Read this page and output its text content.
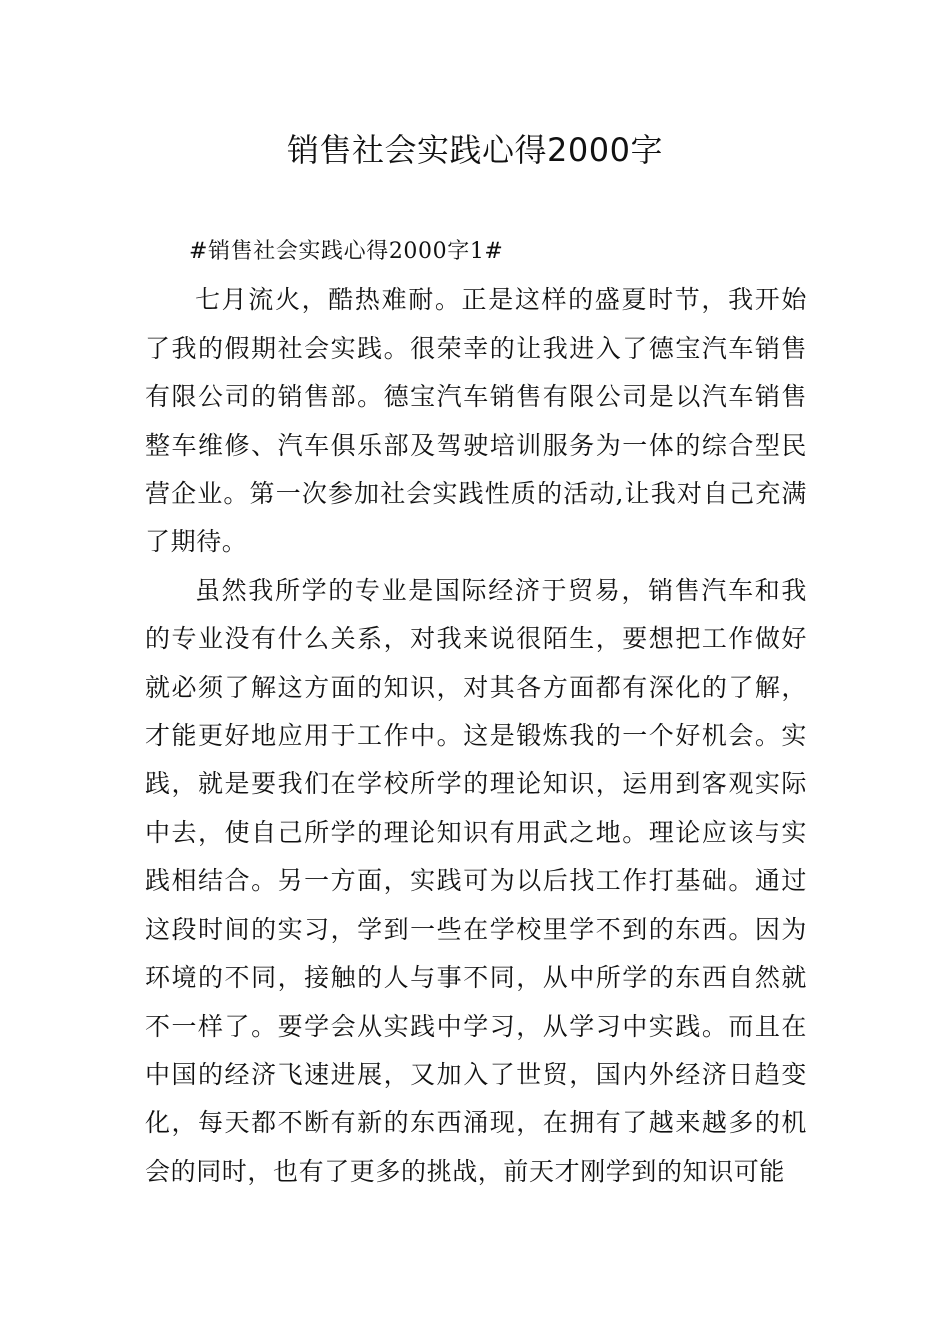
销售社会实践心得2000字

#销售社会实践心得2000字1#

七月流火，酷热难耐。正是这样的盛夏时节，我开始了我的假期社会实践。很荣幸的让我进入了德宝汽车销售有限公司的销售部。德宝汽车销售有限公司是以汽车销售整车维修、汽车俱乐部及驾驶培训服务为一体的综合型民营企业。第一次参加社会实践性质的活动,让我对自己充满了期待。

虽然我所学的专业是国际经济于贸易，销售汽车和我的专业没有什么关系，对我来说很陌生，要想把工作做好就必须了解这方面的知识，对其各方面都有深化的了解，才能更好地应用于工作中。这是锻炼我的一个好机会。实践，就是要我们在学校所学的理论知识，运用到客观实际中去，使自己所学的理论知识有用武之地。理论应该与实践相结合。另一方面，实践可为以后找工作打基础。通过这段时间的实习，学到一些在学校里学不到的东西。因为环境的不同，接触的人与事不同，从中所学的东西自然就不一样了。要学会从实践中学习，从学习中实践。而且在中国的经济飞速进展，又加入了世贸，国内外经济日趋变化，每天都不断有新的东西涌现，在拥有了越来越多的机会的同时，也有了更多的挑战，前天才刚学到的知识可能
